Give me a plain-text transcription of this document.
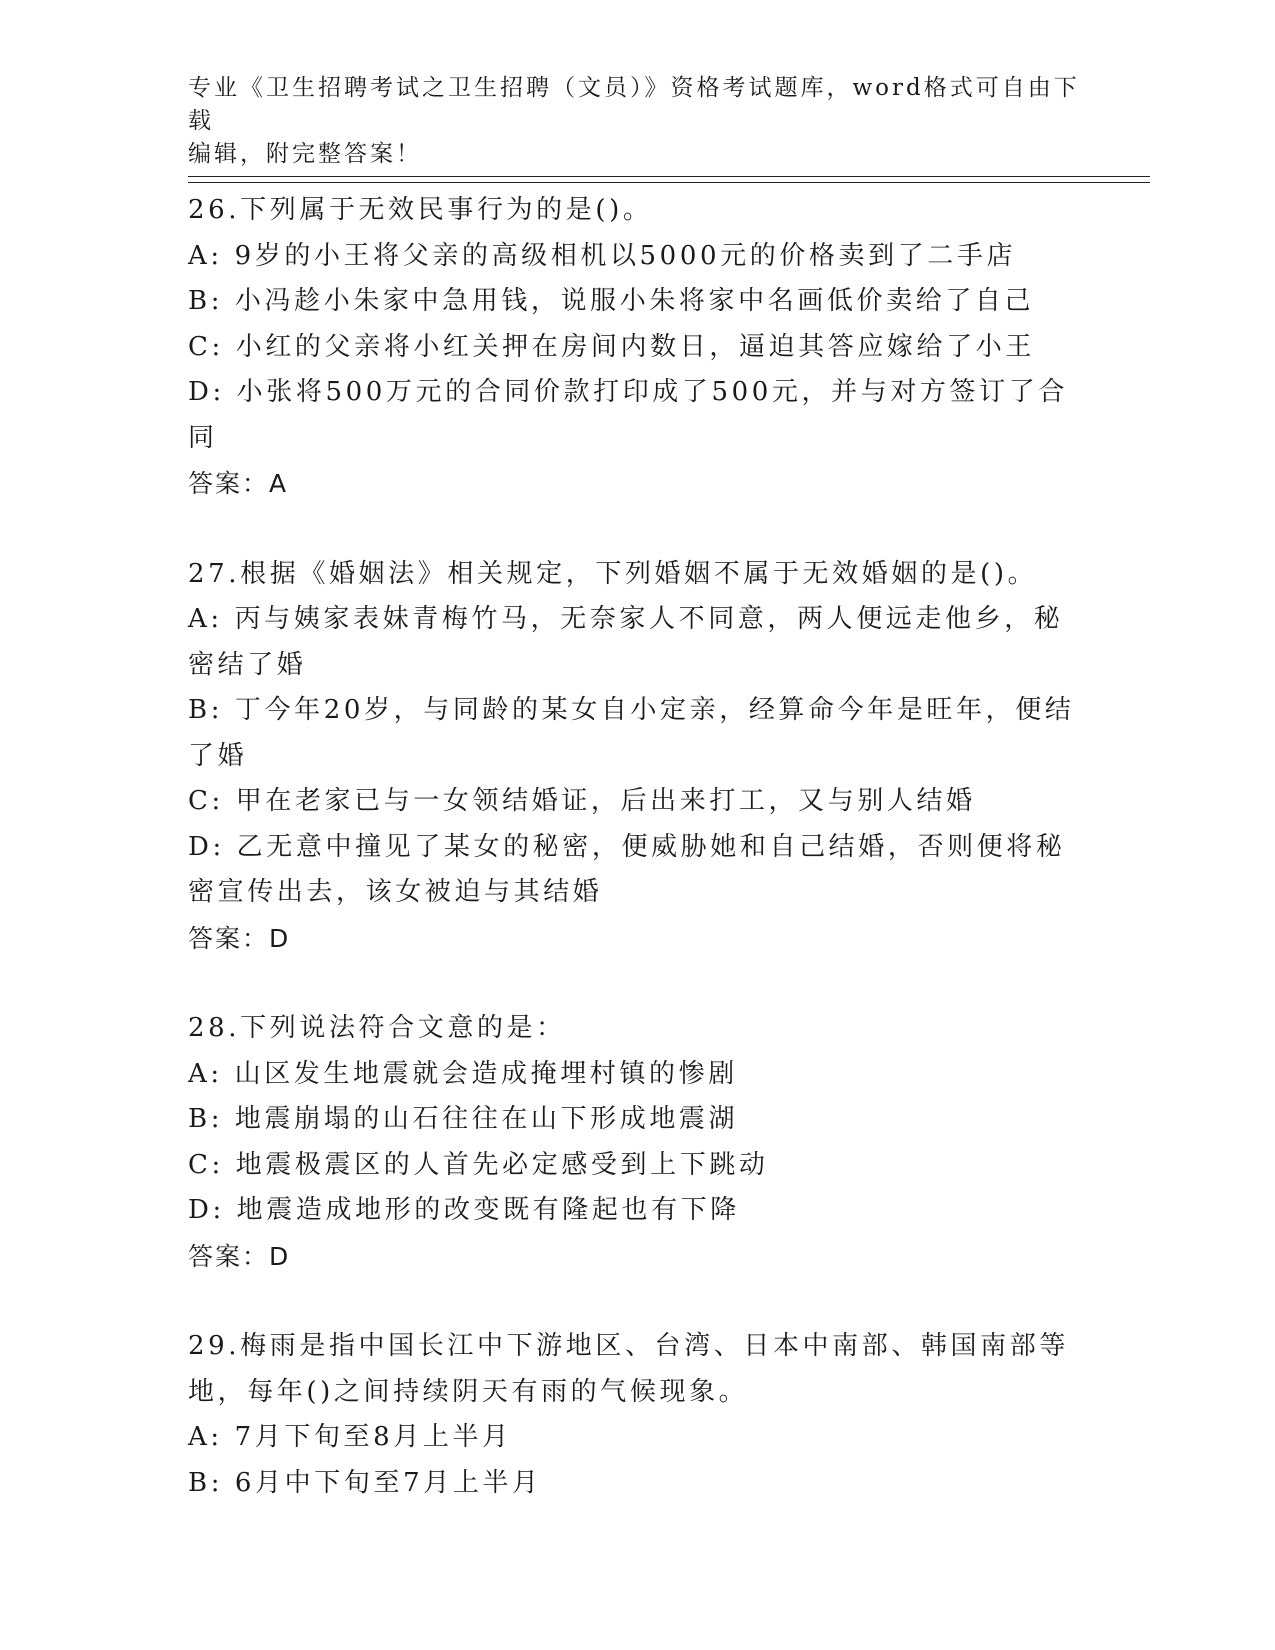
专业《卫生招聘考试之卫生招聘（文员）》资格考试题库，word格式可自由下载
编辑，附完整答案！
26.下列属于无效民事行为的是()。
A: 9岁的小王将父亲的高级相机以5000元的价格卖到了二手店
B: 小冯趁小朱家中急用钱，说服小朱将家中名画低价卖给了自己
C: 小红的父亲将小红关押在房间内数日，逼迫其答应嫁给了小王
D: 小张将500万元的合同价款打印成了500元，并与对方签订了合同
答案：A
27.根据《婚姻法》相关规定，下列婚姻不属于无效婚姻的是()。
A: 丙与姨家表妹青梅竹马，无奈家人不同意，两人便远走他乡，秘密结了婚
B: 丁今年20岁，与同龄的某女自小定亲，经算命今年是旺年，便结了婚
C: 甲在老家已与一女领结婚证，后出来打工，又与别人结婚
D: 乙无意中撞见了某女的秘密，便威胁她和自己结婚，否则便将秘密宣传出去，该女被迫与其结婚
答案：D
28.下列说法符合文意的是：
A: 山区发生地震就会造成掩埋村镇的惨剧
B: 地震崩塌的山石往往在山下形成地震湖
C: 地震极震区的人首先必定感受到上下跳动
D: 地震造成地形的改变既有隆起也有下降
答案：D
29.梅雨是指中国长江中下游地区、台湾、日本中南部、韩国南部等地，每年()之间持续阴天有雨的气候现象。
A: 7月下旬至8月上半月
B: 6月中下旬至7月上半月
